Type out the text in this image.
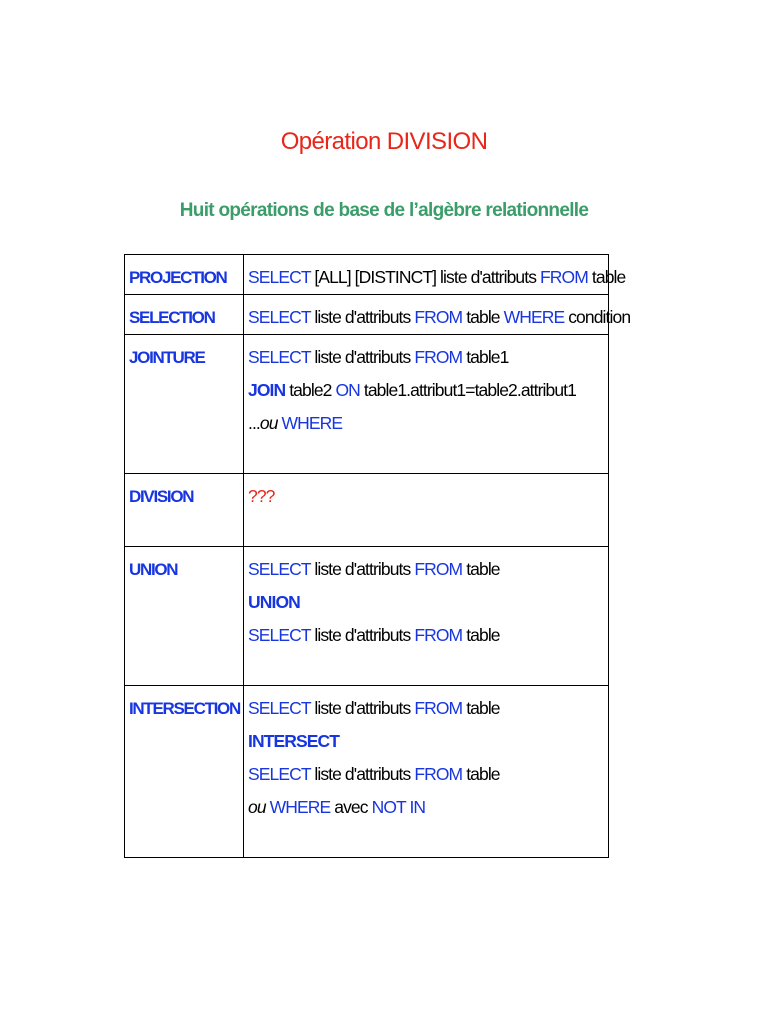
Opération DIVISION
Huit opérations de base de l’algèbre relationnelle
PROJECTION	SELECT [ALL] [DISTINCT] liste d'attributs FROM table

SELECTION	SELECT liste d'attributs FROM table WHERE condition

JOINTURE	SELECT liste d'attributs FROM table1
JOIN table2 ON table1.attribut1=table2.attribut1
...ou WHERE

DIVISION	???

UNION	SELECT liste d'attributs FROM table
UNION
SELECT liste d'attributs FROM table

INTERSECTION	SELECT liste d'attributs FROM table
INTERSECT
SELECT liste d'attributs FROM table
ou WHERE avec NOT IN
